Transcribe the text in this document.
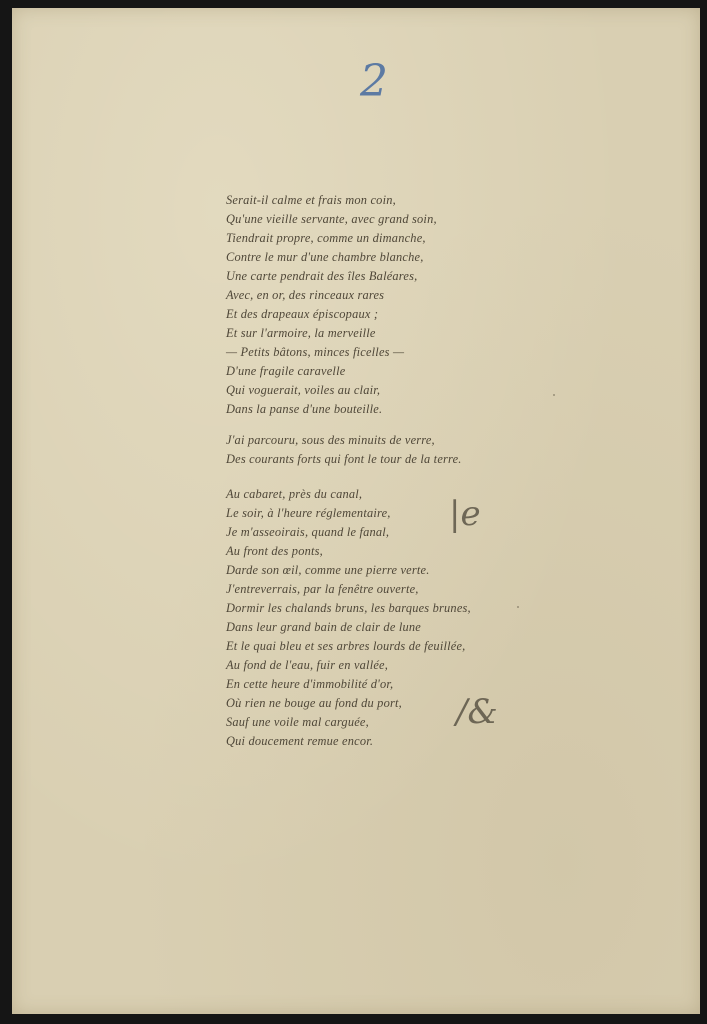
2
Serait-il calme et frais mon coin,
Qu'une vieille servante, avec grand soin,
Tiendrait propre, comme un dimanche,
Contre le mur d'une chambre blanche,
Une carte pendrait des îles Baléares,
Avec, en or, des rinceaux rares
Et des drapeaux épiscopaux ;
Et sur l'armoire, la merveille
— Petits bâtons, minces ficelles —
D'une fragile caravelle
Qui voguerait, voiles au clair,
Dans la panse d'une bouteille.
J'ai parcouru, sous des minuits de verre,
Des courants forts qui font le tour de la terre.
Au cabaret, près du canal,
Le soir, à l'heure réglementaire,
Je m'asseoirais, quand le fanal,
Au front des ponts,
Darde son œil, comme une pierre verte.
J'entreverrais, par la fenêtre ouverte,
Dormir les chalands bruns, les barques brunes,
Dans leur grand bain de clair de lune
Et le quai bleu et ses arbres lourds de feuillée,
Au fond de l'eau, fuir en vallée,
En cette heure d'immobilité d'or,
Où rien ne bouge au fond du port,
Sauf une voile mal carguée,
Qui doucement remue encor.
|e
/&
